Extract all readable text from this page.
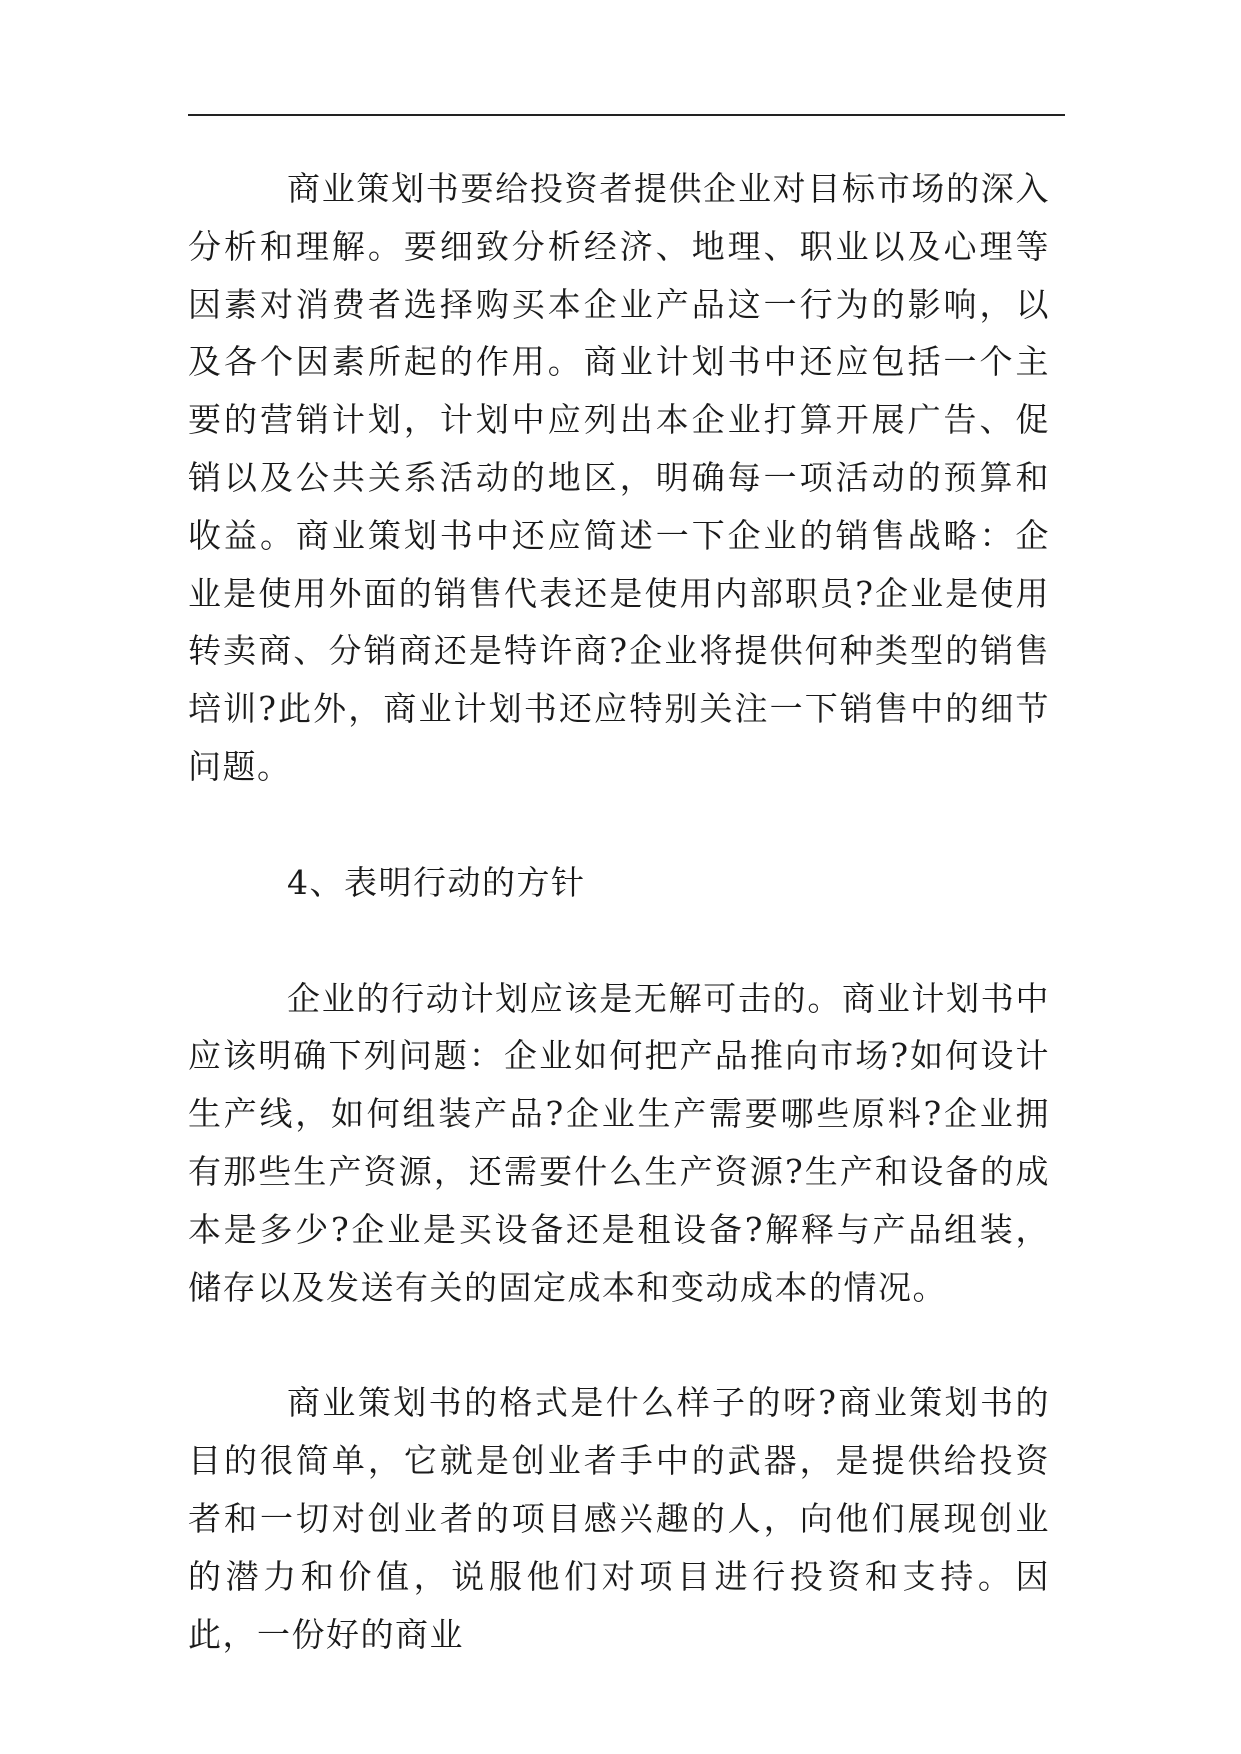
商业策划书要给投资者提供企业对目标市场的深入分析和理解。要细致分析经济、地理、职业以及心理等因素对消费者选择购买本企业产品这一行为的影响，以及各个因素所起的作用。商业计划书中还应包括一个主要的营销计划，计划中应列出本企业打算开展广告、促销以及公共关系活动的地区，明确每一项活动的预算和收益。商业策划书中还应简述一下企业的销售战略：企业是使用外面的销售代表还是使用内部职员?企业是使用转卖商、分销商还是特许商?企业将提供何种类型的销售培训?此外，商业计划书还应特别关注一下销售中的细节问题。

4、表明行动的方针

企业的行动计划应该是无解可击的。商业计划书中应该明确下列问题：企业如何把产品推向市场?如何设计生产线，如何组装产品?企业生产需要哪些原料?企业拥有那些生产资源，还需要什么生产资源?生产和设备的成本是多少?企业是买设备还是租设备?解释与产品组装，储存以及发送有关的固定成本和变动成本的情况。

商业策划书的格式是什么样子的呀?商业策划书的目的很简单，它就是创业者手中的武器，是提供给投资者和一切对创业者的项目感兴趣的人，向他们展现创业的潜力和价值，说服他们对项目进行投资和支持。因此，一份好的商业
